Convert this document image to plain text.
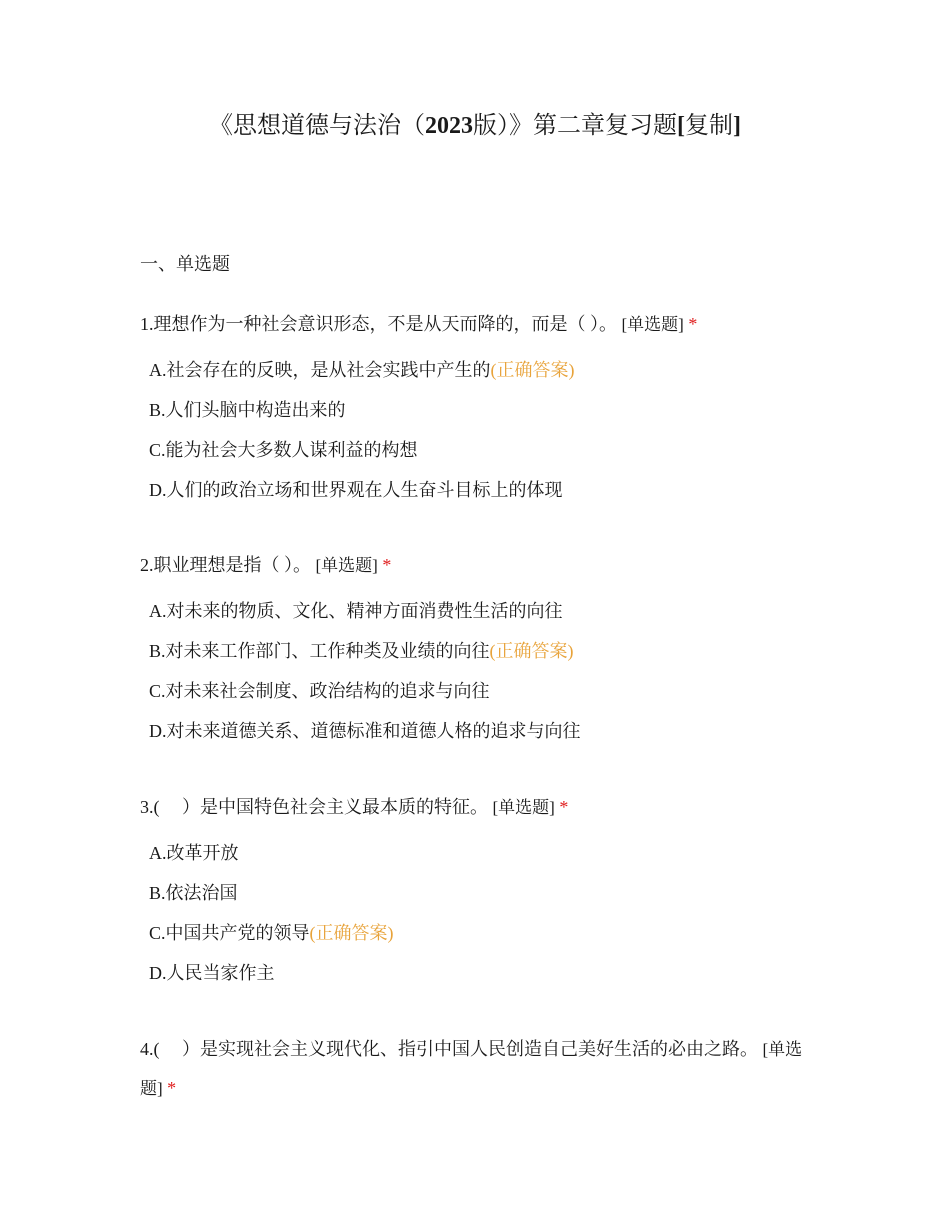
《思想道德与法治（2023版）》第二章复习题[复制]
一、单选题
1.理想作为一种社会意识形态，不是从天而降的，而是（ ）。 [单选题] *
A.社会存在的反映，是从社会实践中产生的(正确答案)
B.人们头脑中构造出来的
C.能为社会大多数人谋利益的构想
D.人们的政治立场和世界观在人生奋斗目标上的体现
2.职业理想是指（ ）。 [单选题] *
A.对未来的物质、文化、精神方面消费性生活的向往
B.对未来工作部门、工作种类及业绩的向往(正确答案)
C.对未来社会制度、政治结构的追求与向往
D.对未来道德关系、道德标准和道德人格的追求与向往
3.(　 ）是中国特色社会主义最本质的特征。 [单选题] *
A.改革开放
B.依法治国
C.中国共产党的领导(正确答案)
D.人民当家作主
4.(　 ）是实现社会主义现代化、指引中国人民创造自己美好生活的必由之路。 [单选题] *
